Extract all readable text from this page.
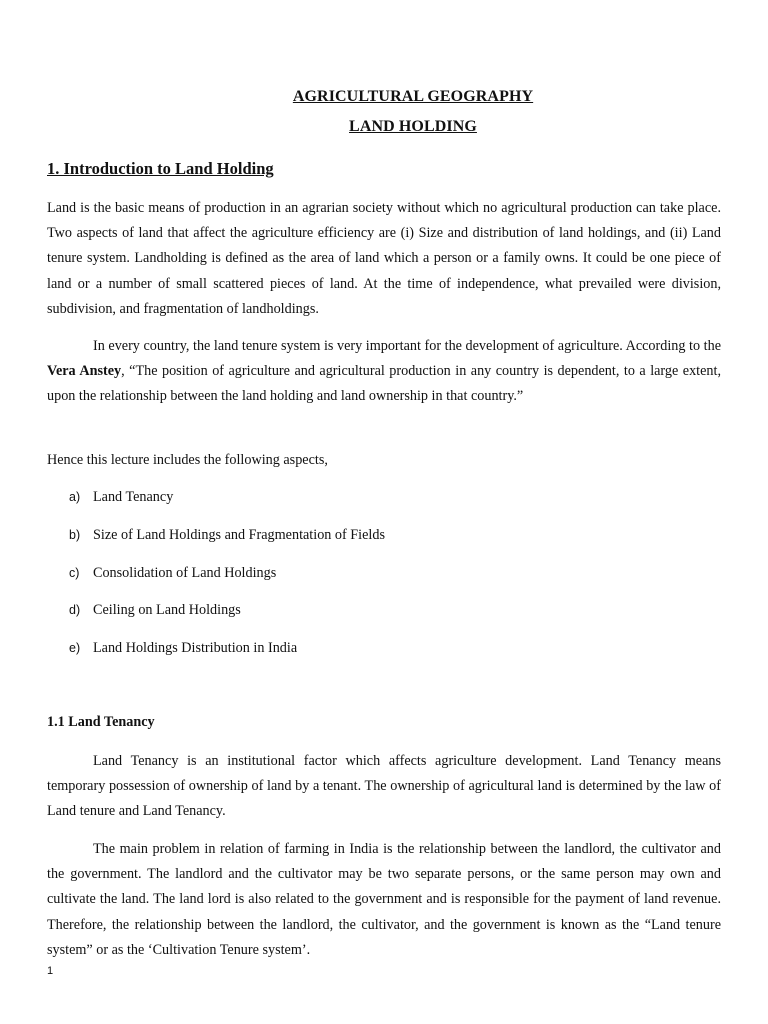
AGRICULTURAL GEOGRAPHY
LAND HOLDING
1. Introduction to Land Holding

Land is the basic means of production in an agrarian society without which no agricultural production can take place. Two aspects of land that affect the agriculture efficiency are (i) Size and distribution of land holdings, and (ii) Land tenure system. Landholding is defined as the area of land which a person or a family owns. It could be one piece of land or a number of small scattered pieces of land. At the time of independence, what prevailed were division, subdivision, and fragmentation of landholdings.

In every country, the land tenure system is very important for the development of agriculture. According to the Vera Anstey, “The position of agriculture and agricultural production in any country is dependent, to a large extent, upon the relationship between the land holding and land ownership in that country.”

Hence this lecture includes the following aspects,

a) Land Tenancy
b) Size of Land Holdings and Fragmentation of Fields
c) Consolidation of Land Holdings
d) Ceiling on Land Holdings
e) Land Holdings Distribution in India
1.1 Land Tenancy

Land Tenancy is an institutional factor which affects agriculture development. Land Tenancy means temporary possession of ownership of land by a tenant. The ownership of agricultural land is determined by the law of Land tenure and Land Tenancy.

The main problem in relation of farming in India is the relationship between the landlord, the cultivator and the government. The landlord and the cultivator may be two separate persons, or the same person may own and cultivate the land. The land lord is also related to the government and is responsible for the payment of land revenue. Therefore, the relationship between the landlord, the cultivator, and the government is known as the “Land tenure system” or as the ‘Cultivation Tenure system’.

1
